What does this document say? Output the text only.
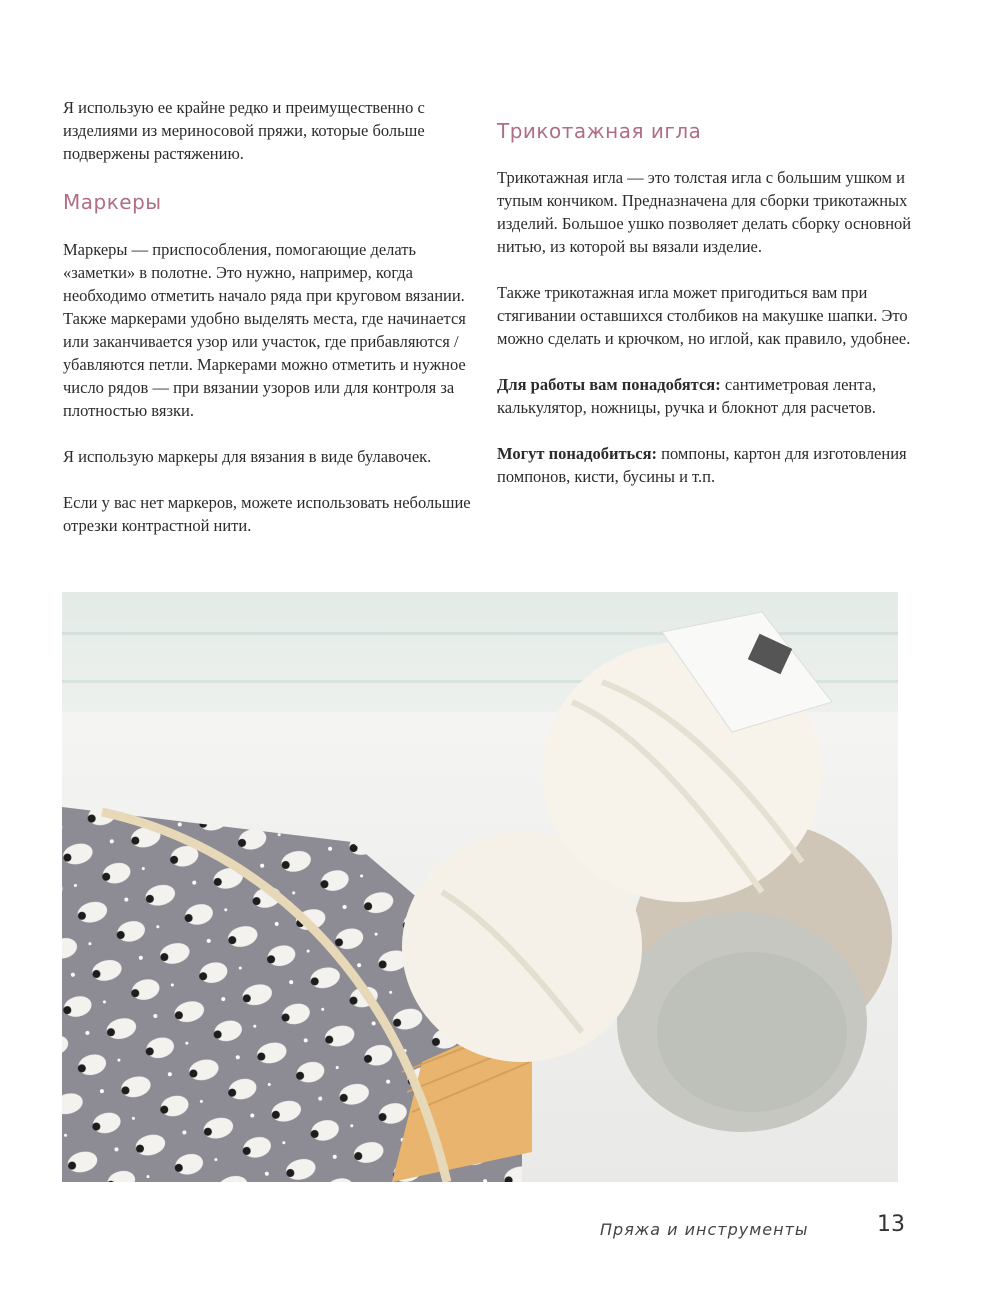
Я использую ее крайне редко и преимущественно с изделиями из мериносовой пряжи, которые больше подвержены растяжению.

Маркеры

Маркеры — приспособления, помогающие делать «заметки» в полотне. Это нужно, например, когда необходимо отметить начало ряда при круговом вязании. Также маркерами удобно выделять места, где начинается или заканчивается узор или участок, где прибавляются / убавляются петли. Маркерами можно отметить и нужное число рядов — при вязании узоров или для контроля за плотностью вязки.

Я использую маркеры для вязания в виде булавочек.

Если у вас нет маркеров, можете использовать небольшие отрезки контрастной нити.

Трикотажная игла

Трикотажная игла — это толстая игла с большим ушком и тупым кончиком. Предназначена для сборки трикотажных изделий. Большое ушко позволяет делать сборку основной нитью, из которой вы вязали изделие.

Также трикотажная игла может пригодиться вам при стягивании оставшихся столбиков на макушке шапки. Это можно сделать и крючком, но иглой, как правило, удобнее.

Для работы вам понадобятся: сантиметровая лента, калькулятор, ножницы, ручка и блокнот для расчетов.

Могут понадобиться: помпоны, картон для изготовления помпонов, кисти, бусины и т.п.

Пряжа и инструменты	13
